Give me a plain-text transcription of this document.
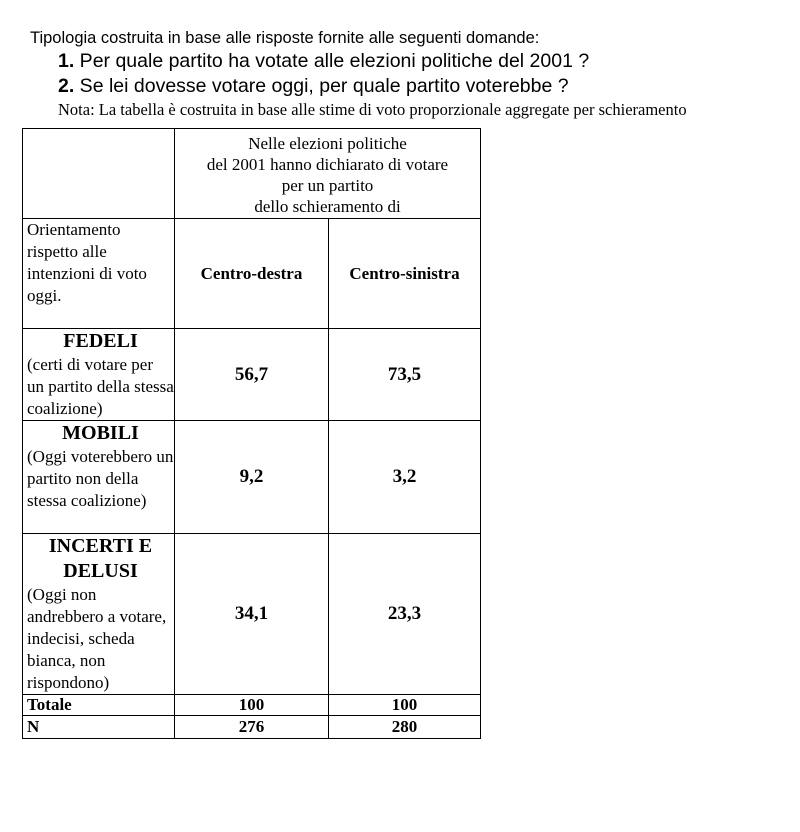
Tipologia costruita in base alle risposte fornite alle seguenti domande:
1. Per quale partito ha votate alle elezioni politiche del 2001 ?
2. Se lei dovesse votare oggi, per quale partito voterebbe ?
Nota: La tabella è costruita in base alle stime di voto proporzionale aggregate per schieramento

	Nelle elezioni politiche
del 2001 hanno dichiarato di votare
per un partito
dello schieramento di	

Orientamento rispetto alle intenzioni di voto oggi.	Centro-destra	Centro-sinistra

FEDELI
(certi di votare per un partito della stessa coalizione)	56,7	73,5

MOBILI
(Oggi voterebbero un partito non della stessa coalizione)	9,2	3,2

INCERTI E DELUSI
(Oggi non andrebbero a votare, indecisi, scheda bianca, non rispondono)	34,1	23,3
Totale	100	100
N	276	280
